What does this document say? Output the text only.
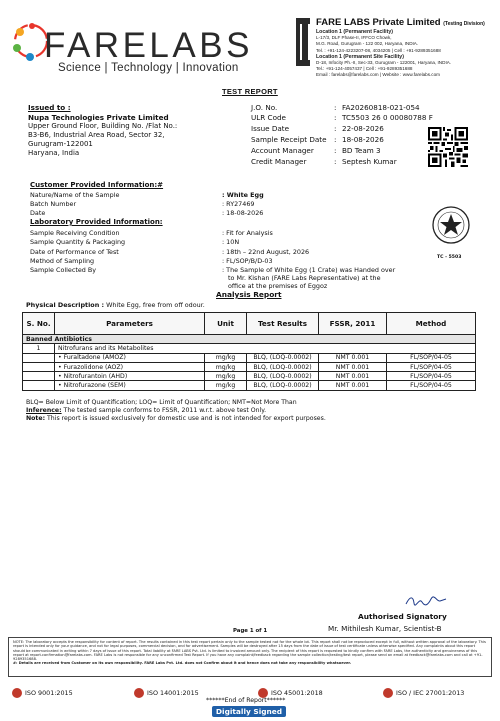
FARELABS
Science | Technology | Innovation
FARE LABS Private Limited (Testing Division)
Location 1 (Permanent Facility)
L-17/3, DLF Phase-II, IFFCO Chowk,
M.G. Road, Gurugram - 122 002, Haryana, INDIA.
Tel. : +91-124-4223207-08, 4034205 | Cell : +91-9289351688
Location 1 (Permanent Site Facility)
D-18, Infocity Ph.-II, Sec-33, Gurugram - 122001, Haryana, INDIA.
Tel.: +91-124-4057437 | Cell : +91-9289351688
Email : farelabs@farelabs.com | Website : www.farelabs.com
TEST REPORT
Issued to :
Nupa Technologies Private Limited
Upper Ground Floor, Building No. /Flat No.:
B3-B6, Industrial Area Road, Sector 32,
Gurugram-122001
Haryana, India
J.O. No.	: FA20260818-021-054
ULR Code	: TC5503 26 0 00080788 F
Issue Date	: 22-08-2026
Sample Receipt Date : 18-08-2026
Account Manager	: BD Team 3
Credit Manager	: Septesh Kumar
Customer Provided Information:#
Nature/Name of the Sample	: White Egg
Batch Number	: RY27469
Date	: 18-08-2026
Laboratory Provided Information:
Sample Receiving Condition	: Fit for Analysis
Sample Quantity & Packaging	: 10N
Date of Performance of Test	: 18th – 22nd August, 2026
Method of Sampling	: FL/SOP/B/D-03
Sample Collected By	: The Sample of White Egg (1 Crate) was Handed over
to Mr. Kishan (FARE Labs Representative) at the
office at the premises of Eggoz
TC - 5503
Analysis Report
Physical Description : White Egg, free from off odour.
S. No.	Parameters	Unit	Test Results	FSSR, 2011	Method
Banned Antibiotics					
1	Nitrofurans and its Metabolites				
	• Furaltadone (AMOZ)	mg/kg	BLQ, (LOQ-0.0002)	NMT 0.001	FL/SOP/04-05
	• Furazolidone (AOZ)	mg/kg	BLQ, (LOQ-0.0002)	NMT 0.001	FL/SOP/04-05
	• Nitrofurantoin (AHD)	mg/kg	BLQ, (LOQ-0.0002)	NMT 0.001	FL/SOP/04-05
	• Nitrofurazone (SEM)	mg/kg	BLQ, (LOQ-0.0002)	NMT 0.001	FL/SOP/04-05
BLQ= Below Limit of Quantification; LOQ= Limit of Quantification; NMT=Not More Than
Inference: The tested sample conforms to FSSR, 2011 w.r.t. above test Only.
Note: This report is issued exclusively for domestic use and is not intended for export purposes.
Authorised Signatory
Mr. Mithilesh Kumar, Scientist-B
Page 1 of 1
NOTE: The laboratory accepts the responsibility for content of report. The results contained in this test report pertain only to the sample tested not for the whole lot. This report shall not be reproduced except in full, without written approval of the laboratory. This report is intended only for your guidance, and not for legal purposes, commercial decision, and for advertisement. Samples will be destroyed after 15 days from the date of issue of test certificate unless otherwise specified. Any complaints about this report should be communicated in writing within 7 days of issue of this report. Total liability at FARE LABS Pvt. Ltd. is limited to invoiced amount only. The recipient of this report is requested to kindly confirm with FARE Labs, the authenticity and genuineness of this report at report.confirmation@farelabs.com. FARE Labs is not responsible for any unconfirmed Test Report. If you have any complaint/feedback regarding the sample collection/testing/test report, please send an email at feedback@farelabs.com and call at +91-9289351688.
#: Details are received from Customer on its own responsibility. FARE Labs Pvt. Ltd. does not Confirm about it and hence does not take any responsibility whatsoever.
ISO 9001:2015	ISO 14001:2015	ISO 45001:2018	ISO / IEC 27001:2013
******End of Report******
Digitally Signed
